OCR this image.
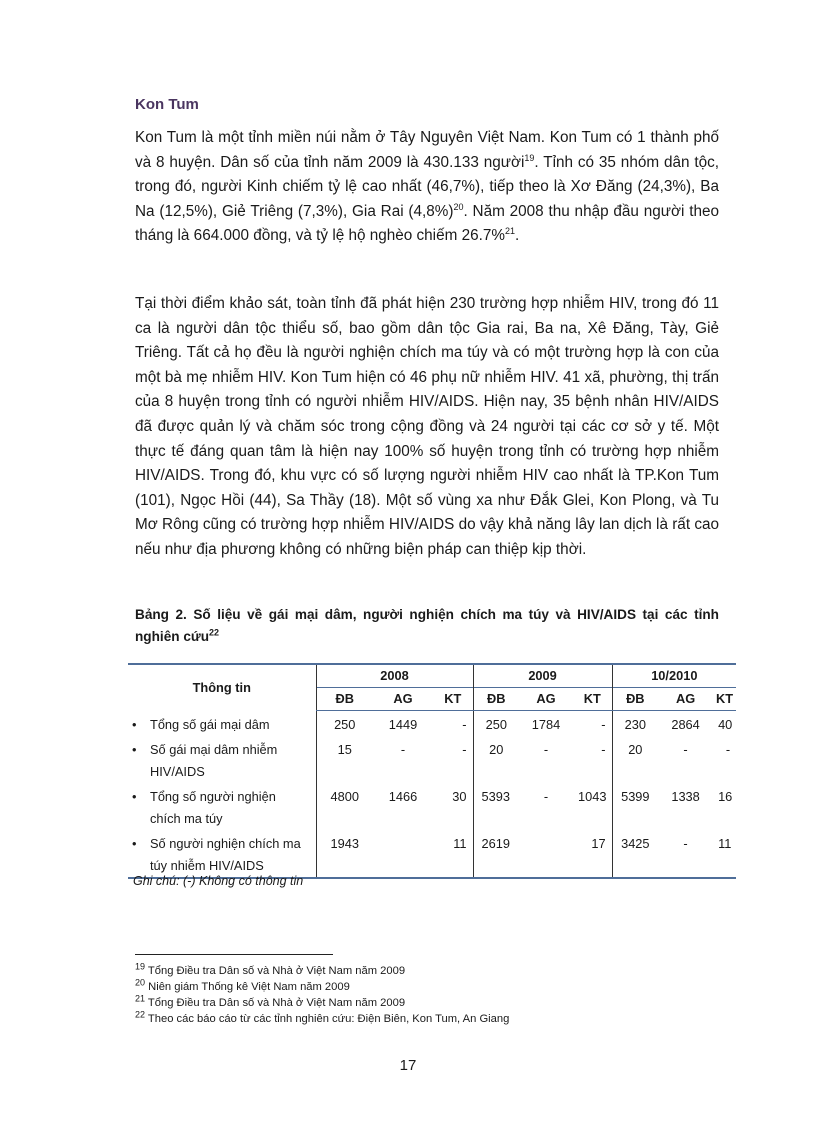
Kon Tum

Kon Tum là một tỉnh miền núi nằm ở Tây Nguyên Việt Nam. Kon Tum có 1 thành phố và 8 huyện. Dân số của tỉnh năm 2009 là 430.133 người$^{19}$. Tỉnh có 35 nhóm dân tộc, trong đó, người Kinh chiếm tỷ lệ cao nhất (46,7%), tiếp theo là Xơ Đăng (24,3%), Ba Na (12,5%), Giẻ Triêng (7,3%), Gia Rai $(4,8\%)^{20}$. Năm 2008 thu nhập đầu người theo tháng là 664.000 đồng, và tỷ lệ hộ nghèo chiếm 26.7%$^{21}$.

Tại thời điểm khảo sát, toàn tỉnh đã phát hiện 230 trường hợp nhiễm HIV, trong đó 11 ca là người dân tộc thiểu số, bao gồm dân tộc Gia rai, Ba na, Xê Đăng, Tày, Giẻ Triêng. Tất cả họ đều là người nghiện chích ma túy và có một trường hợp là con của một bà mẹ nhiễm HIV. Kon Tum hiện có 46 phụ nữ nhiễm HIV. 41 xã, phường, thị trấn của 8 huyện trong tỉnh có người nhiễm HIV/AIDS. Hiện nay, 35 bệnh nhân HIV/AIDS đã được quản lý và chăm sóc trong cộng đồng và 24 người tại các cơ sở y tế. Một thực tế đáng quan tâm là hiện nay 100% số huyện trong tỉnh có trường hợp nhiễm HIV/AIDS. Trong đó, khu vực có số lượng người nhiễm HIV cao nhất là TP.Kon Tum (101), Ngọc Hồi (44), Sa Thầy (18). Một số vùng xa như Đắk Glei, Kon Plong, và Tu Mơ Rông cũng có trường hợp nhiễm HIV/AIDS do vậy khả năng lây lan dịch là rất cao nếu như địa phương không có những biện pháp can thiệp kịp thời.

Bảng 2. Số liệu về gái mại dâm, người nghiện chích ma túy và HIV/AIDS tại các tỉnh nghiên cứu$^{22}$

Thông tin	2008			2009			10/2010		
	ĐB	AG	KT	ĐB	AG	KT	ĐB	AG	KT
• Tổng số gái mại dâm	250	1449	-	250	1784	-	230	2864	40
• Số gái mại dâm nhiễm HIV/AIDS	15	-	-	20	-	-	20	-	-
• Tổng số người nghiện chích ma túy	4800	1466	30	5393	-	1043	5399	1338	16
• Số người nghiện chích ma túy nhiễm HIV/AIDS	1943		11	2619		17	3425	-	11
Ghi chú: (-) Không có thông tin

$^{19}$ Tổng Điều tra Dân số và Nhà ở Việt Nam năm 2009

$^{20}$ Niên giám Thống kê Việt Nam năm 2009

$^{21}$ Tổng Điều tra Dân số và Nhà ở Việt Nam năm 2009

$^{22}$ Theo các báo cáo từ các tỉnh nghiên cứu: Điện Biên, Kon Tum, An Giang

17
